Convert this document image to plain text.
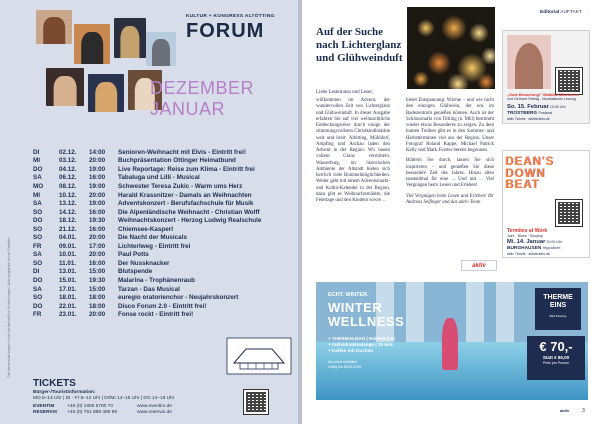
Die Veranstaltungen sind vorbehaltlich Änderungen. Alle Angaben ohne Gewähr.
KULTUR + KONGRESS ALTÖTTING
FORUM
DEZEMBER
JANUAR
DI	02.12.	14:00	Senioren-Weihnacht mit Elvis - Eintritt frei!
MI	03.12.	20:00	Buchpräsentation Öttinger Heimatbund
DO	04.12.	19:00	Live Reportage: Reise zum Klima - Eintritt frei
SA	06.12.	16:00	Tabaluga und Lilli - Musical
MO	08.12.	19:00	Schwester Teresa Zukic - Warm ums Herz
MI	10.12.	20:00	Harald Krassnitzer - Damals an Weihnachten
SA	13.12.	19:00	Adventskonzert - Berufsfachschule für Musik
SO	14.12.	16:00	Die Alpenländische Weihnacht - Christian Wolff
DO	18.12.	19:30	Weihnachtskonzert - Herzog Ludwig Realschule
SO	21.12.	16:00	Chiemsee-Kasperl
SO	04.01.	20:00	Die Nacht der Musicals
FR	09.01.	17:00	Lichterlweg - Eintritt frei
SA	10.01.	20:00	Paul Potts
SO	11.01.	16:00	Der Nussknacker
DI	13.01.	15:00	Blutspende
DO	15.01.	19:30	Malarina - Trophänenraub
SA	17.01.	15:00	Tarzan - Das Musical
SO	18.01.	18:00	euregio oratorienchor - Neujahrskonzert
DO	22.01.	18:00	Disco Forum 2.0 - Eintritt frei!
FR	23.01.	20:00	Fonse rockt - Eintritt frei!
TICKETS
Bürger-/Touristinformation:
MO 8–14 Uhr | DI - Fr 8–12 Uhr | DI/MI 14–16 Uhr | DO 14–18 Uhr
EVENTIM	+49 (0) 1806 5700 70	www.eventim.de
RESERVIX	+49 (0) 761 888 499 99	www.reservix.de
Editorial AUFTAKT
Auf der Suche
nach Lichterglanz
und Glühweinduft
Liebe Leserinnen und Leser,

willkommen im Advent, der wundervollen Zeit von Lichterglanz und Glühweinduft. In dieser Ausgabe erfahren Sie auf vier weihnachtliche Entdeckungsreise durch einige der stimmungsvollsten Christkindlmärkte weit und breit: Altötting, Mühldorf, Ampfing und Aschau laden den Advent in der Region. Wir bauen vollem Glanz vermitteln. Wasserburg, im historischen Ambiente der Altstadt bieten sich herrlich viele Bummelmöglichkeiten. Weiter geht mit einem Adventsmarkt- und Kultur-Kalender in der Region, dazu gibt es Weihnachtsmärkte, die Feiertage und den Kindern sowie ...

bietet Entspannung: Wärme – und wie nicht den einzigen Glühwein, der uns im Badezentrum genießen können. Auch ist der Schlossmarkt von Tittling (n. Mhl) bestimmt wieder etwas Besonderes zu zeigen. Zu dem bunten Treiben gibt es in den Sommer- und Herbstterminen viel aus der Region. Unser Fotograf Roland Kappe, Michael Patrick Kelly und Mark Forster bereits begonnen.

Blättern Sie durch, lassen Sie sich inspirieren – und genießen Sie diese besondere Zeit des Jahres. Hinzu allen tausendmal für eine ... Und mit ... Viel Vergnügen beim Lesen und Erleben!

Viel Vergnügen beim Lesen und Erleben! Ihr Andreas Seifinger und das aktiv-Team

aktiv
„Gute Besserung!" Mathias Mittelmeier
und Gerhard Steinig - Musikalische Lesung
So. 15. Februar 19:00 Uhr
TROSTBERG Postsaal
aktiv Tickets · aktivtickets.de
DEAN'S
DOWN
BEAT
Termites at Work
Jazz · Blues · Soulpop
Mi. 14. Januar 20:00 Uhr
BURGHAUSEN Hippodrom
aktiv Tickets · aktivtickets.de
ECHT. WINTER.
WINTER
WELLNESS
+ THERMALBAD | Ruheräume
+ Individualmassage | 25 Min.
+ Kaffee mit Kuchen
Ab sofort erhältlich
Gültig bis 28.02.2026
THERME
EINS
Bad Füssing
€ 70,-
Statt € 85,00
Preis pro Person
aktiv	3
